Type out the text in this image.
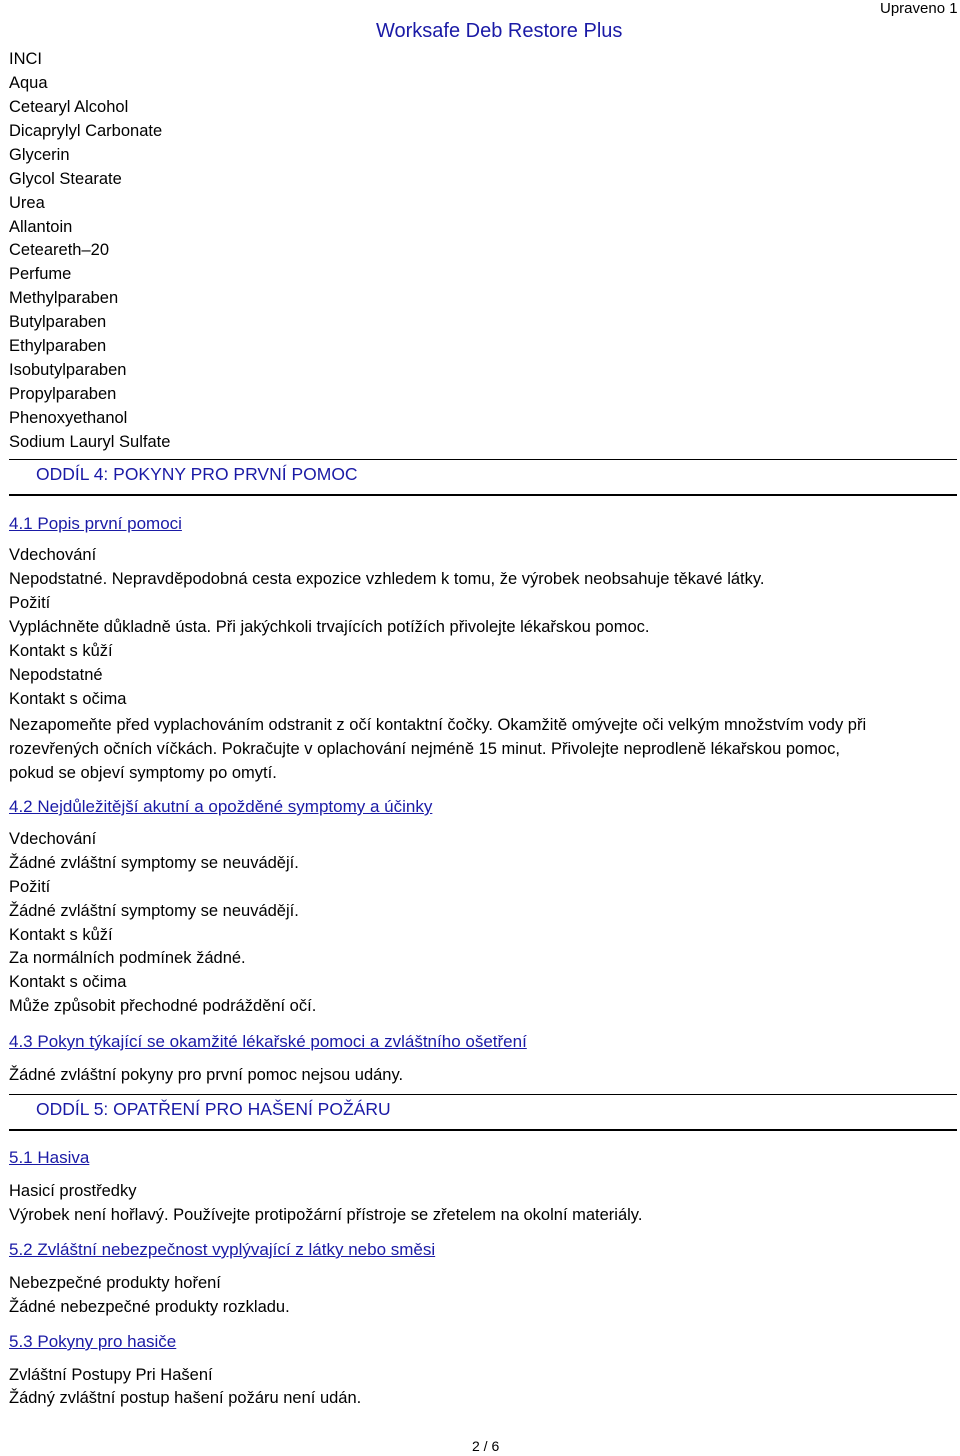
Upraveno 1
Worksafe Deb Restore Plus
INCI
Aqua
Cetearyl Alcohol
Dicaprylyl Carbonate
Glycerin
Glycol Stearate
Urea
Allantoin
Ceteareth–20
Perfume
Methylparaben
Butylparaben
Ethylparaben
Isobutylparaben
Propylparaben
Phenoxyethanol
Sodium Lauryl Sulfate
ODDÍL 4: POKYNY PRO PRVNÍ POMOC
4.1 Popis první pomoci
Vdechování
Nepodstatné. Nepravděpodobná cesta expozice vzhledem k tomu, že výrobek neobsahuje těkavé látky.
Požití
Vypláchněte důkladně ústa. Při jakýchkoli trvajících potížích přivolejte lékařskou pomoc.
Kontakt s kůží
Nepodstatné
Kontakt s očima
Nezapomeňte před vyplachováním odstranit z očí kontaktní čočky. Okamžitě omývejte oči velkým množstvím vody při rozevřených očních víčkách. Pokračujte v oplachování nejméně 15 minut. Přivolejte neprodleně lékařskou pomoc, pokud se objeví symptomy po omytí.
4.2 Nejdůležitější akutní a opožděné symptomy a účinky
Vdechování
Žádné zvláštní symptomy se neuvádějí.
Požití
Žádné zvláštní symptomy se neuvádějí.
Kontakt s kůží
Za normálních podmínek žádné.
Kontakt s očima
Může způsobit přechodné podráždění očí.
4.3 Pokyn týkající se okamžité lékařské pomoci a zvláštního ošetření
Žádné zvláštní pokyny pro první pomoc nejsou udány.
ODDÍL 5: OPATŘENÍ PRO HAŠENÍ POŽÁRU
5.1 Hasiva
Hasicí prostředky
Výrobek není hořlavý. Používejte protipožární přístroje se zřetelem na okolní materiály.
5.2 Zvláštní nebezpečnost vyplývající z látky nebo směsi
Nebezpečné produkty hoření
Žádné nebezpečné produkty rozkladu.
5.3 Pokyny pro hasiče
Zvláštní Postupy Pri Hašení
Žádný zvláštní postup hašení požáru není udán.
2 / 6
